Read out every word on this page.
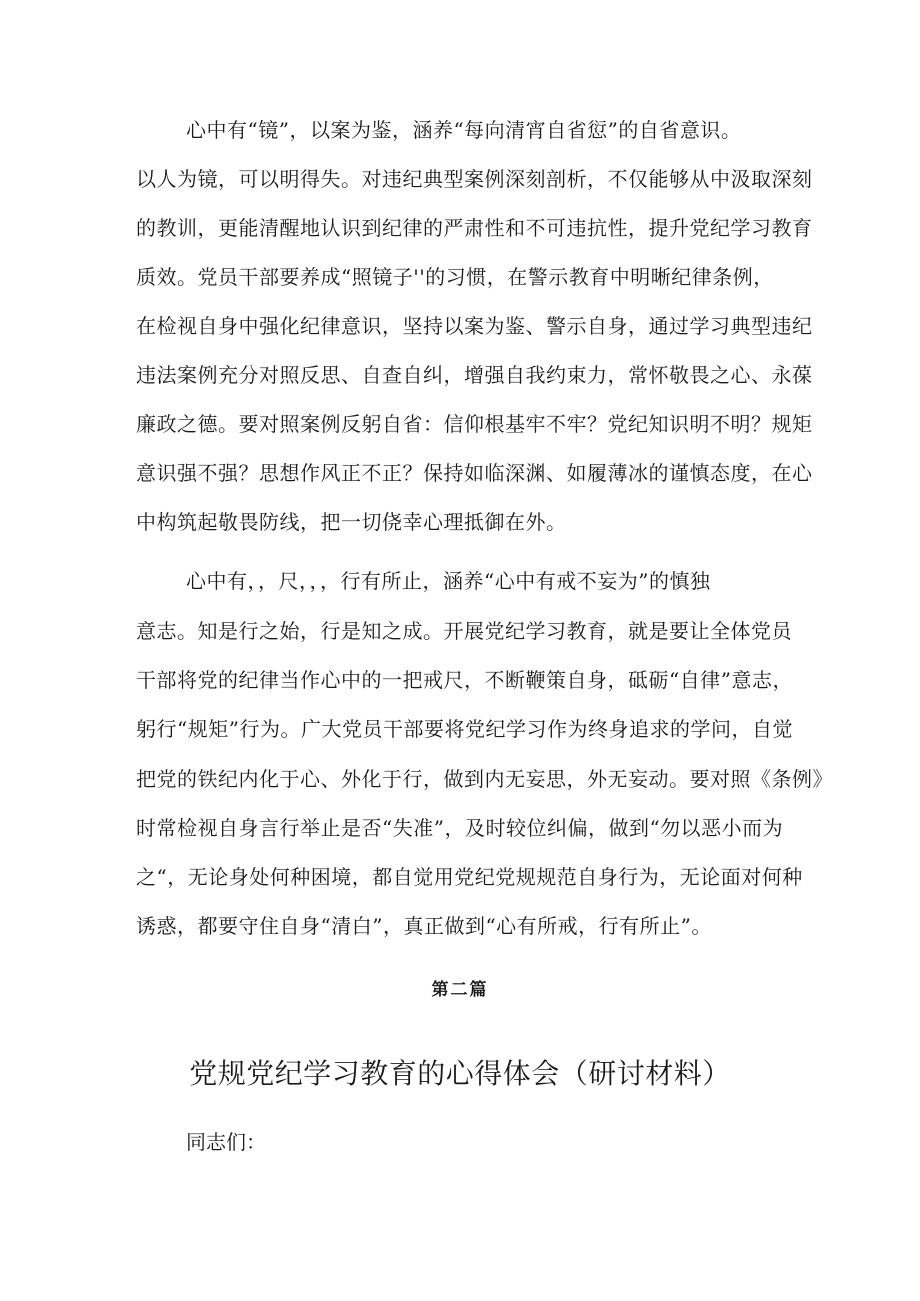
心中有“镜”，以案为鉴，涵养“每向清宵自省愆”的自省意识。
以人为镜，可以明得失。对违纪典型案例深刻剖析，不仅能够从中汲取深刻
的教训，更能清醒地认识到纪律的严肃性和不可违抗性，提升党纪学习教育
质效。党员干部要养成“照镜子''的习惯，在警示教育中明晰纪律条例，
在检视自身中强化纪律意识，坚持以案为鉴、警示自身，通过学习典型违纪
违法案例充分对照反思、自查自纠，增强自我约束力，常怀敬畏之心、永葆
廉政之德。要对照案例反躬自省：信仰根基牢不牢？党纪知识明不明？规矩
意识强不强？思想作风正不正？保持如临深渊、如履薄冰的谨慎态度，在心
中构筑起敬畏防线，把一切侥幸心理抵御在外。
心中有，，尺，，，行有所止，涵养“心中有戒不妄为”的慎独
意志。知是行之始，行是知之成。开展党纪学习教育，就是要让全体党员
干部将党的纪律当作心中的一把戒尺，不断鞭策自身，砥砺“自律”意志，
躬行“规矩”行为。广大党员干部要将党纪学习作为终身追求的学问，自觉
把党的铁纪内化于心、外化于行，做到内无妄思，外无妄动。要对照《条例》
时常检视自身言行举止是否“失准”，及时较位纠偏，做到“勿以恶小而为
之“，无论身处何种困境，都自觉用党纪党规规范自身行为，无论面对何种
诱惑，都要守住自身“清白”，真正做到“心有所戒，行有所止”。
第二篇
党规党纪学习教育的心得体会（研讨材料）
同志们：
